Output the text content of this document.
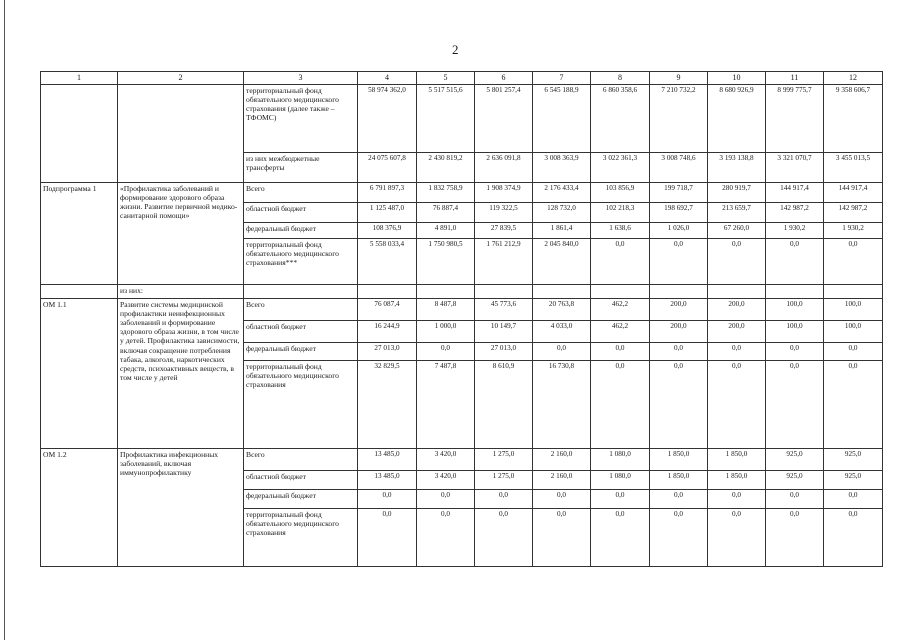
2
1	2	3	4	5	6	7	8	9	10	11	12
		территориальный фонд обязательного медицинского страхования (далее также – ТФОМС)	58 974 362,0	5 517 515,6	5 801 257,4	6 545 188,9	6 860 358,6	7 210 732,2	8 680 926,9	8 999 775,7	9 358 606,7
		из них межбюджетные трансферты	24 075 607,8	2 430 819,2	2 636 091,8	3 008 363,9	3 022 361,3	3 008 748,6	3 193 138,8	3 321 070,7	3 455 013,5
Подпрограмма 1	«Профилактика заболеваний и формирование здорового образа жизни. Развитие первичной медико-санитарной помощи»	Всего	6 791 897,3	1 832 758,9	1 908 374,9	2 176 433,4	103 856,9	199 718,7	280 919,7	144 917,4	144 917,4
		областной бюджет	1 125 487,0	76 887,4	119 322,5	128 732,0	102 218,3	198 692,7	213 659,7	142 987,2	142 987,2
		федеральный бюджет	108 376,9	4 891,0	27 839,5	1 861,4	1 638,6	1 026,0	67 260,0	1 930,2	1 930,2
		территориальный фонд обязательного медицинского страхования***	5 558 033,4	1 750 980,5	1 761 212,9	2 045 840,0	0,0	0,0	0,0	0,0	0,0
	из них:										
ОМ 1.1	Развитие системы медицинской профилактики неинфекционных заболеваний и формирование здорового образа жизни, в том числе у детей. Профилактика зависимости, включая сокращение потребления табака, алкоголя, наркотических средств, психоактивных веществ, в том числе у детей	Всего	76 087,4	8 487,8	45 773,6	20 763,8	462,2	200,0	200,0	100,0	100,0
		областной бюджет	16 244,9	1 000,0	10 149,7	4 033,0	462,2	200,0	200,0	100,0	100,0
		федеральный бюджет	27 013,0	0,0	27 013,0	0,0	0,0	0,0	0,0	0,0	0,0
		территориальный фонд обязательного медицинского страхования	32 829,5	7 487,8	8 610,9	16 730,8	0,0	0,0	0,0	0,0	0,0
ОМ 1.2	Профилактика инфекционных заболеваний, включая иммунопрофилактику	Всего	13 485,0	3 420,0	1 275,0	2 160,0	1 080,0	1 850,0	1 850,0	925,0	925,0
		областной бюджет	13 485,0	3 420,0	1 275,0	2 160,0	1 080,0	1 850,0	1 850,0	925,0	925,0
		федеральный бюджет	0,0	0,0	0,0	0,0	0,0	0,0	0,0	0,0	0,0
		территориальный фонд обязательного медицинского страхования	0,0	0,0	0,0	0,0	0,0	0,0	0,0	0,0	0,0
